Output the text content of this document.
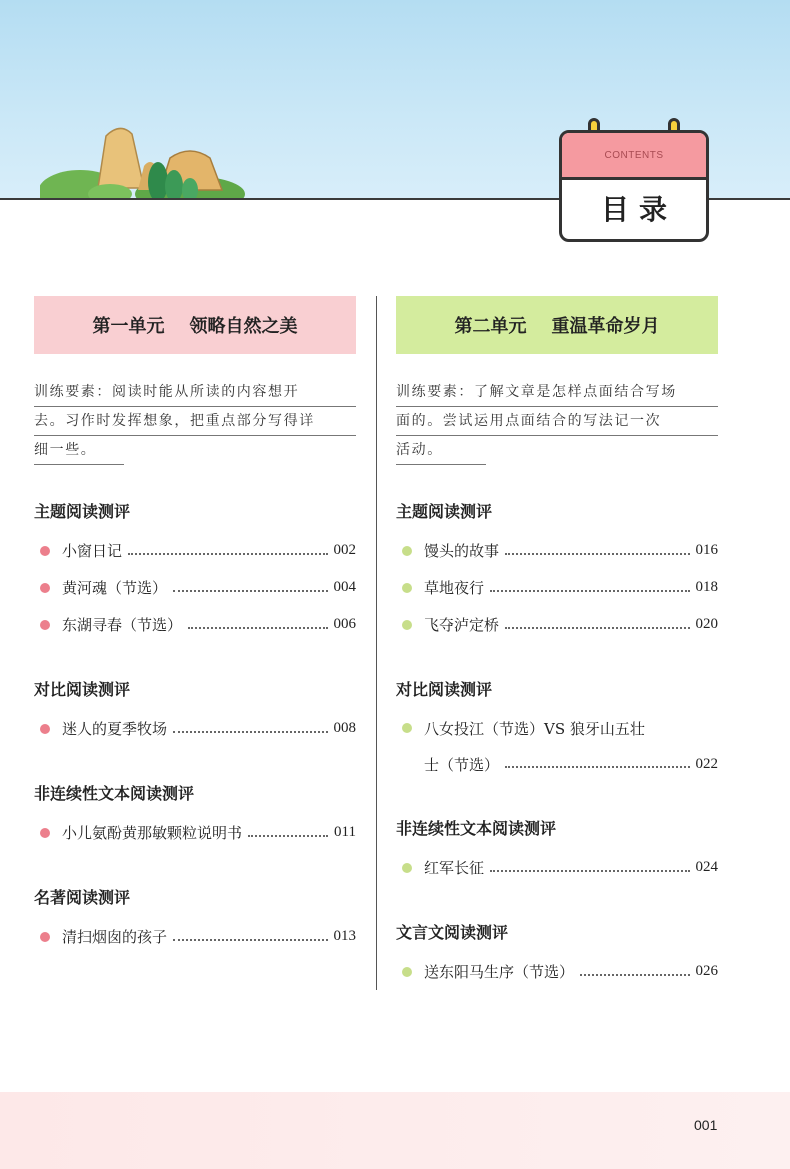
CONTENTS
目录
第一单元    领略自然之美
训练要素：阅读时能从所读的内容想开
去。习作时发挥想象，把重点部分写得详
细一些。
主题阅读测评
小窗日记	002
黄河魂（节选）	004
东湖寻春（节选）	006
对比阅读测评
迷人的夏季牧场	008
非连续性文本阅读测评
小儿氨酚黄那敏颗粒说明书	011
名著阅读测评
清扫烟囱的孩子	013
第二单元    重温革命岁月
训练要素：了解文章是怎样点面结合写场
面的。尝试运用点面结合的写法记一次
活动。
主题阅读测评
馒头的故事	016
草地夜行	018
飞夺泸定桥	020
对比阅读测评
八女投江（节选）VS 狼牙山五壮
士（节选）	022
非连续性文本阅读测评
红军长征	024
文言文阅读测评
送东阳马生序（节选）	026
001
